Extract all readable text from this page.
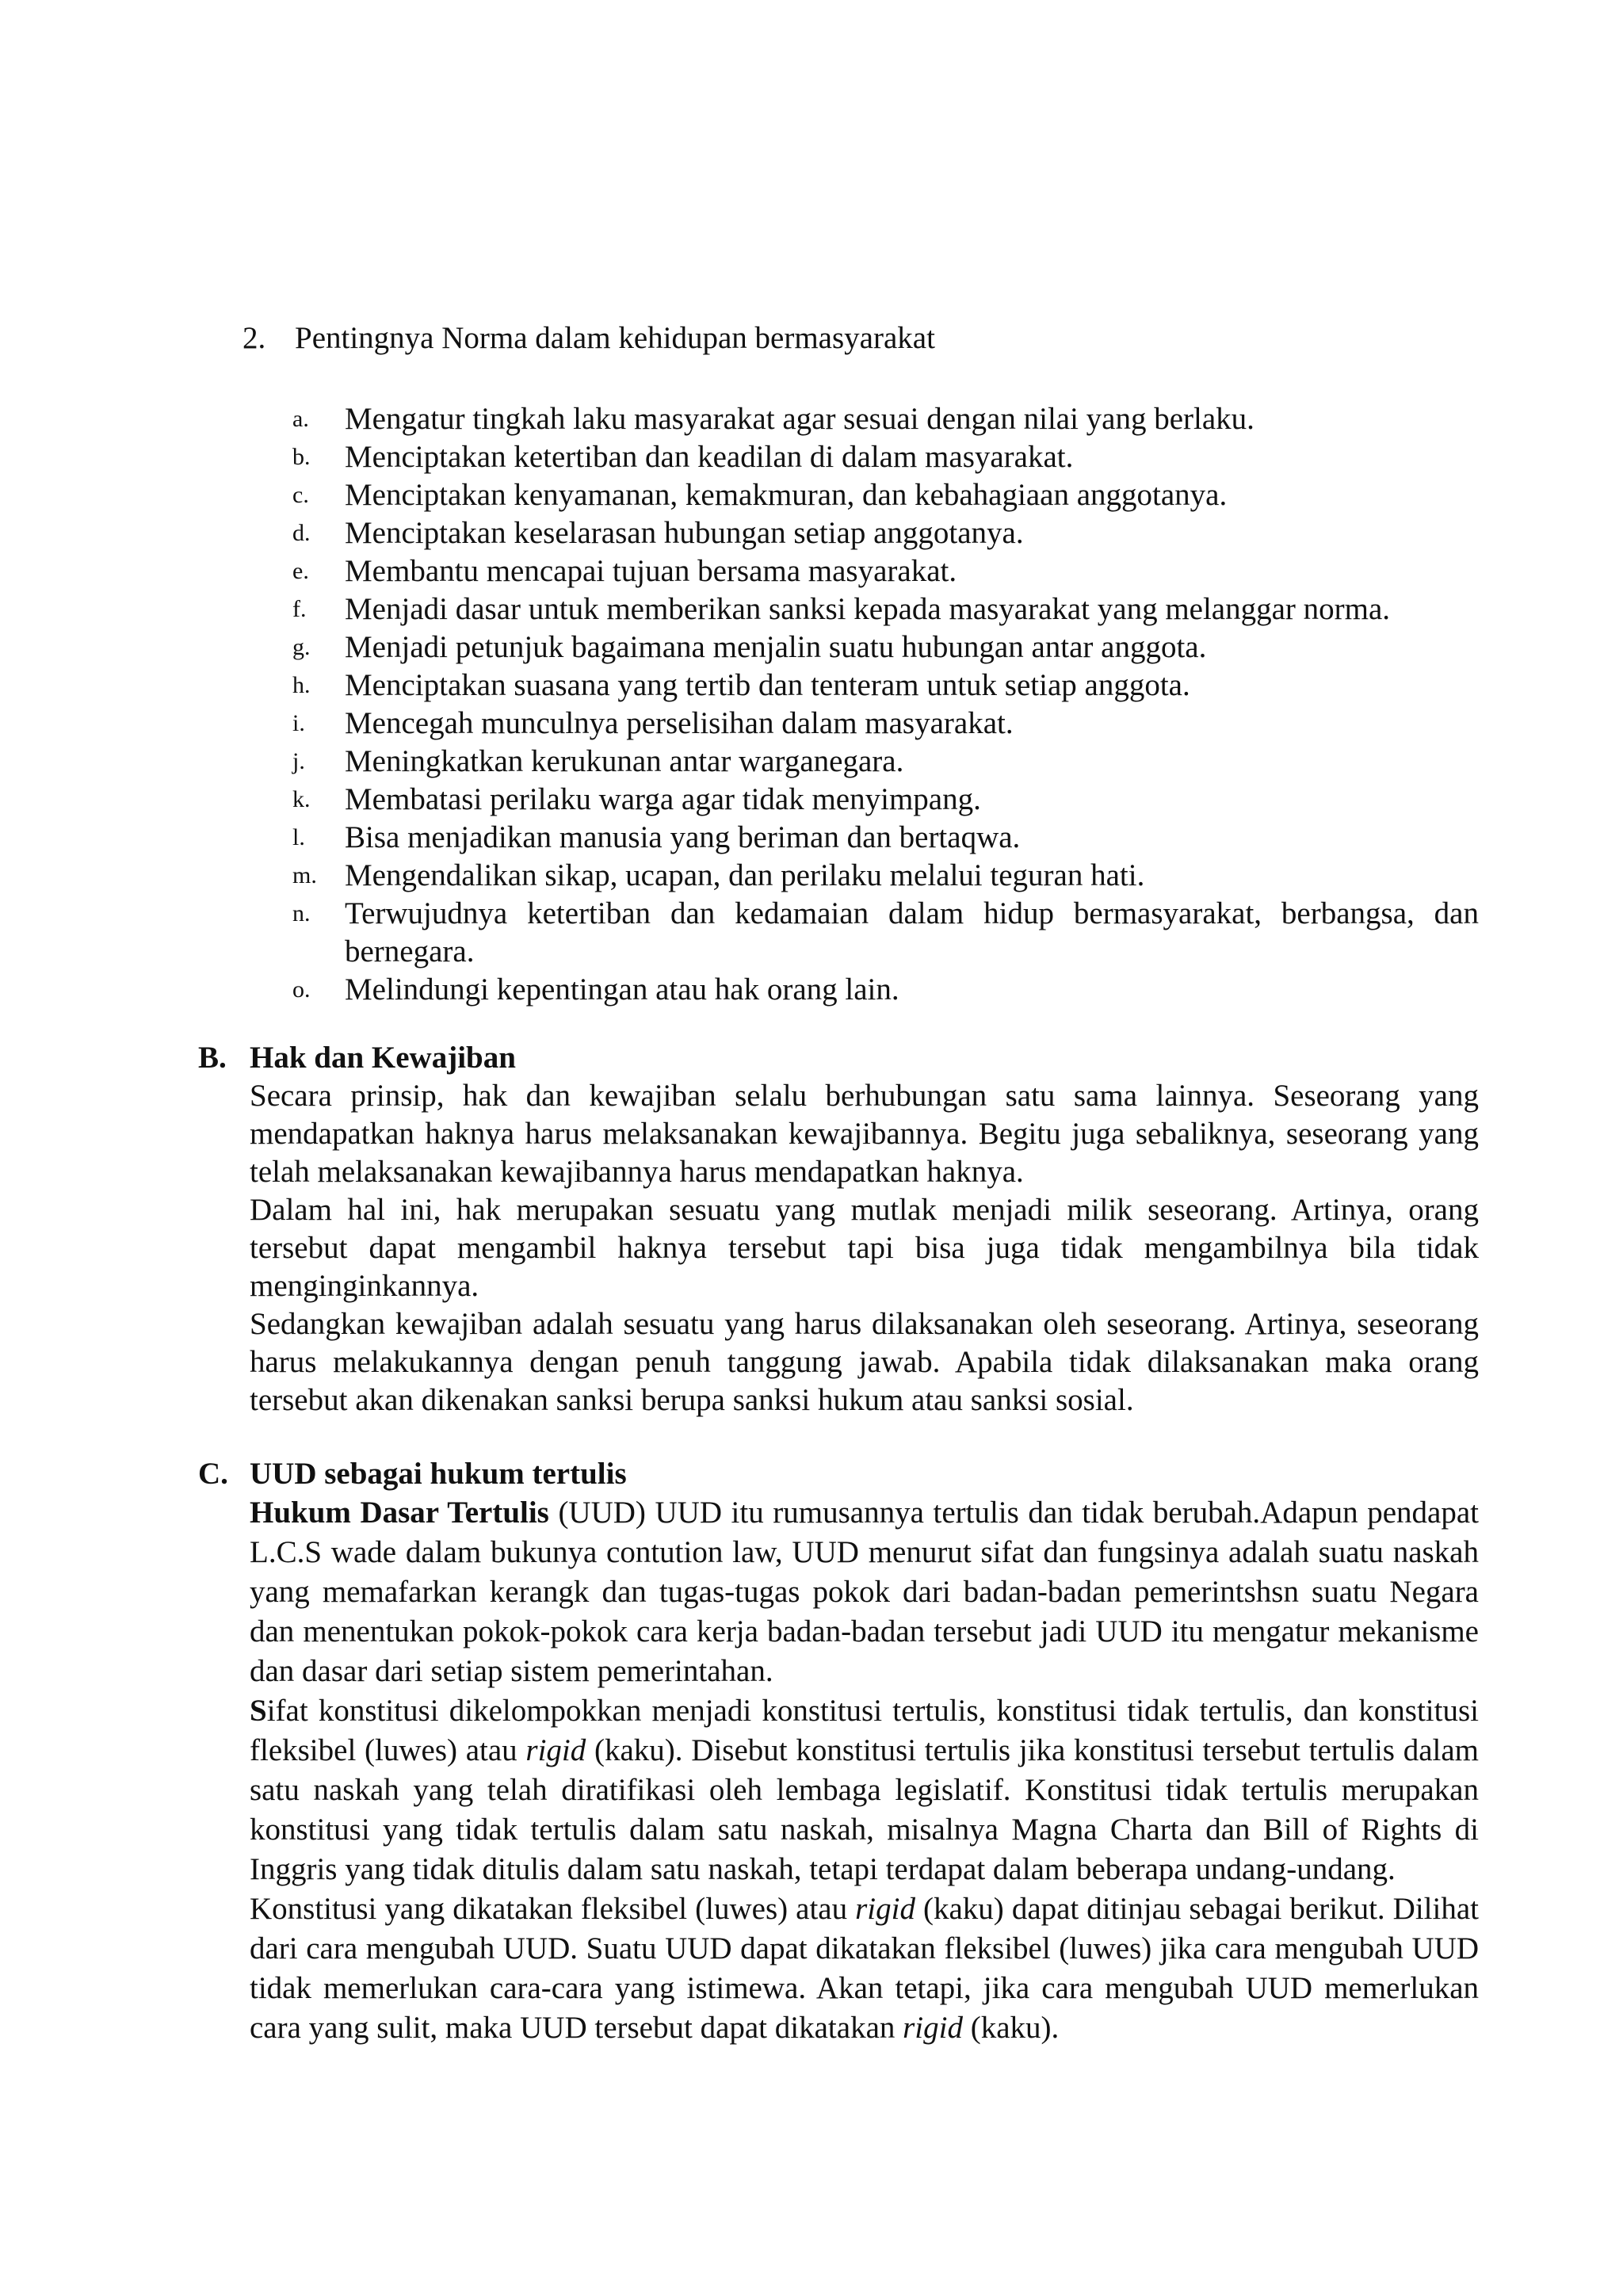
2. Pentingnya Norma dalam kehidupan bermasyarakat
a.	Mengatur tingkah laku masyarakat agar sesuai dengan nilai yang berlaku.
b.	Menciptakan ketertiban dan keadilan di dalam masyarakat.
c.	Menciptakan kenyamanan, kemakmuran, dan kebahagiaan anggotanya.
d.	Menciptakan keselarasan hubungan setiap anggotanya.
e.	Membantu mencapai tujuan bersama masyarakat.
f.	Menjadi dasar untuk memberikan sanksi kepada masyarakat yang melanggar norma.
g.	Menjadi petunjuk bagaimana menjalin suatu hubungan antar anggota.
h.	Menciptakan suasana yang tertib dan tenteram untuk setiap anggota.
i.	Mencegah munculnya perselisihan dalam masyarakat.
j.	Meningkatkan kerukunan antar warganegara.
k.	Membatasi perilaku warga agar tidak menyimpang.
l.	Bisa menjadikan manusia yang beriman dan bertaqwa.
m. Mengendalikan sikap, ucapan, dan perilaku melalui teguran hati.
n.	Terwujudnya ketertiban dan kedamaian dalam hidup bermasyarakat, berbangsa, dan bernegara.
o.	Melindungi kepentingan atau hak orang lain.
B. Hak dan Kewajiban

Secara prinsip, hak dan kewajiban selalu berhubungan satu sama lainnya. Seseorang yang mendapatkan haknya harus melaksanakan kewajibannya. Begitu juga sebaliknya, seseorang yang telah melaksanakan kewajibannya harus mendapatkan haknya.

Dalam hal ini, hak merupakan sesuatu yang mutlak menjadi milik seseorang. Artinya, orang tersebut dapat mengambil haknya tersebut tapi bisa juga tidak mengambilnya bila tidak menginginkannya.

Sedangkan kewajiban adalah sesuatu yang harus dilaksanakan oleh seseorang. Artinya, seseorang harus melakukannya dengan penuh tanggung jawab. Apabila tidak dilaksanakan maka orang tersebut akan dikenakan sanksi berupa sanksi hukum atau sanksi sosial.

C. UUD sebagai hukum tertulis

Hukum Dasar Tertulis (UUD) UUD itu rumusannya tertulis dan tidak berubah.Adapun pendapat L.C.S wade dalam bukunya contution law, UUD menurut sifat dan fungsinya adalah suatu naskah yang memafarkan kerangk dan tugas-tugas pokok dari badan-badan pemerintshsn suatu Negara dan menentukan pokok-pokok cara kerja badan-badan tersebut jadi UUD itu mengatur mekanisme dan dasar dari setiap sistem pemerintahan.

Sifat konstitusi dikelompokkan menjadi konstitusi tertulis, konstitusi tidak tertulis, dan konstitusi fleksibel (luwes) atau rigid (kaku). Disebut konstitusi tertulis jika konstitusi tersebut tertulis dalam satu naskah yang telah diratifikasi oleh lembaga legislatif. Konstitusi tidak tertulis merupakan konstitusi yang tidak tertulis dalam satu naskah, misalnya Magna Charta dan Bill of Rights di Inggris yang tidak ditulis dalam satu naskah, tetapi terdapat dalam beberapa undang-undang.

Konstitusi yang dikatakan fleksibel (luwes) atau rigid (kaku) dapat ditinjau sebagai berikut. Dilihat dari cara mengubah UUD. Suatu UUD dapat dikatakan fleksibel (luwes) jika cara mengubah UUD tidak memerlukan cara-cara yang istimewa. Akan tetapi, jika cara mengubah UUD memerlukan cara yang sulit, maka UUD tersebut dapat dikatakan rigid (kaku).
